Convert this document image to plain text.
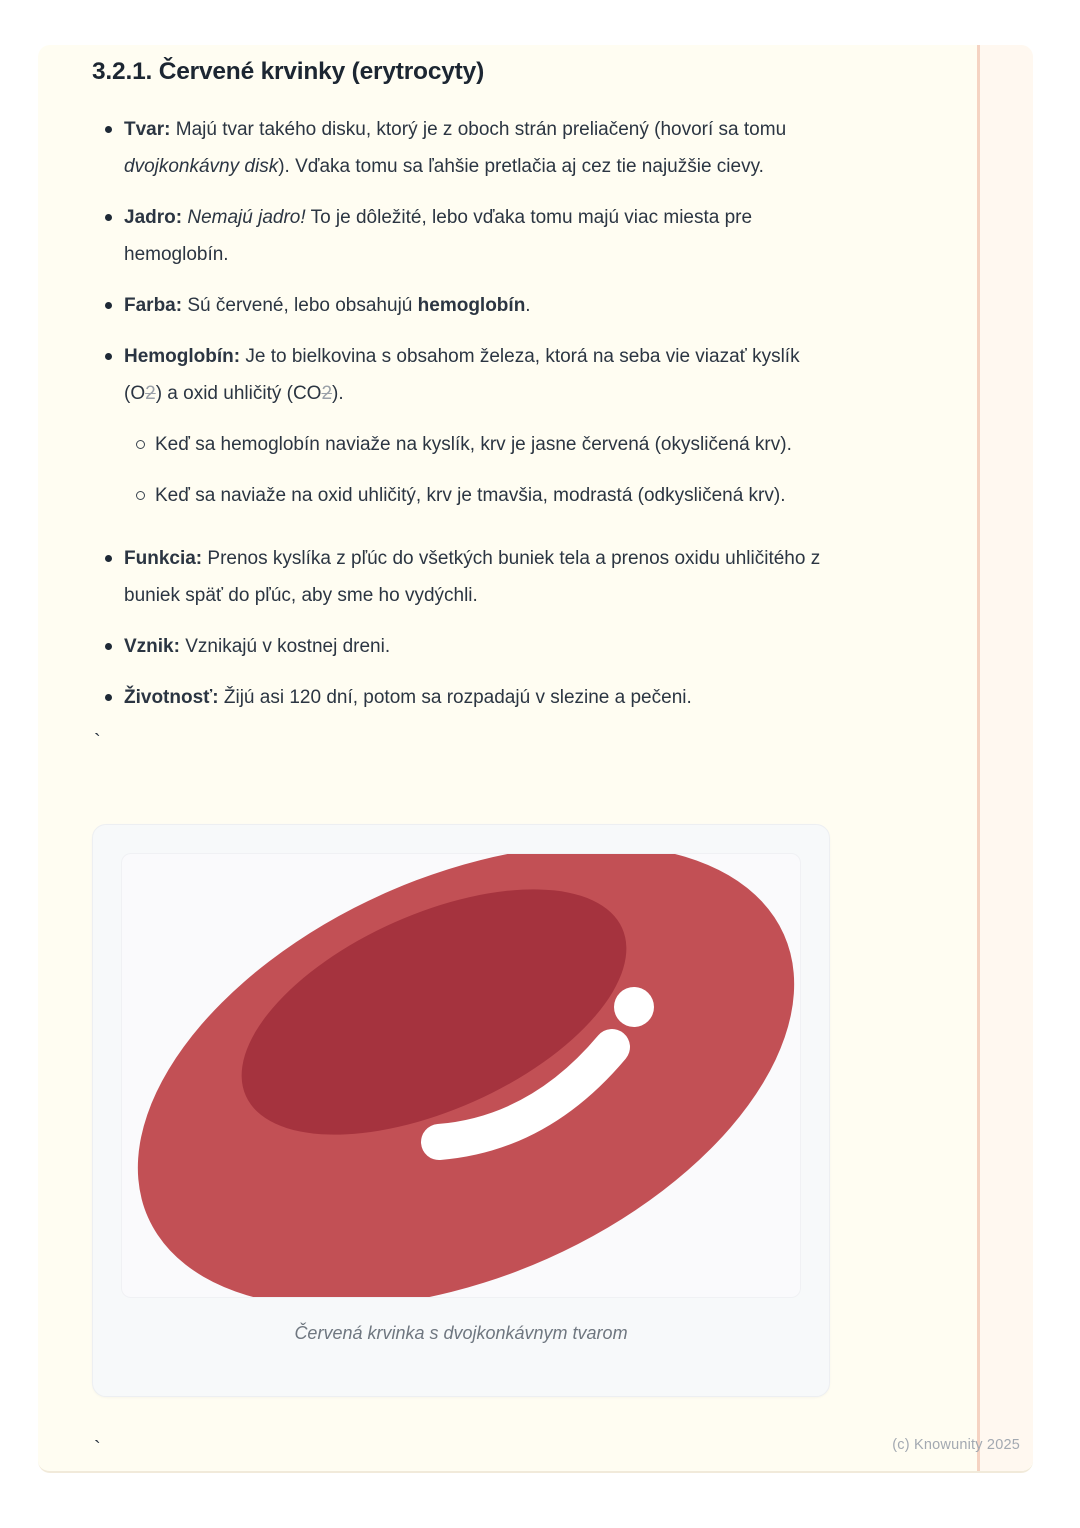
3.2.1. Červené krvinky (erytrocyty)
Tvar: Majú tvar takého disku, ktorý je z oboch strán preliačený (hovorí sa tomu dvojkonkávny disk). Vďaka tomu sa ľahšie pretlačia aj cez tie najužšie cievy.
Jadro: Nemajú jadro! To je dôležité, lebo vďaka tomu majú viac miesta pre hemoglobín.
Farba: Sú červené, lebo obsahujú hemoglobín.
Hemoglobín: Je to bielkovina s obsahom železa, ktorá na seba vie viazať kyslík (O2) a oxid uhličitý (CO2).
Keď sa hemoglobín naviaže na kyslík, krv je jasne červená (okysličená krv).
Keď sa naviaže na oxid uhličitý, krv je tmavšia, modrastá (odkysličená krv).
Funkcia: Prenos kyslíka z pľúc do všetkých buniek tela a prenos oxidu uhličitého z buniek späť do pľúc, aby sme ho vydýchli.
Vznik: Vznikajú v kostnej dreni.
Životnosť: Žijú asi 120 dní, potom sa rozpadajú v slezine a pečeni.
`
Červená krvinka s dvojkonkávnym tvarom
`	(c) Knowunity 2025
